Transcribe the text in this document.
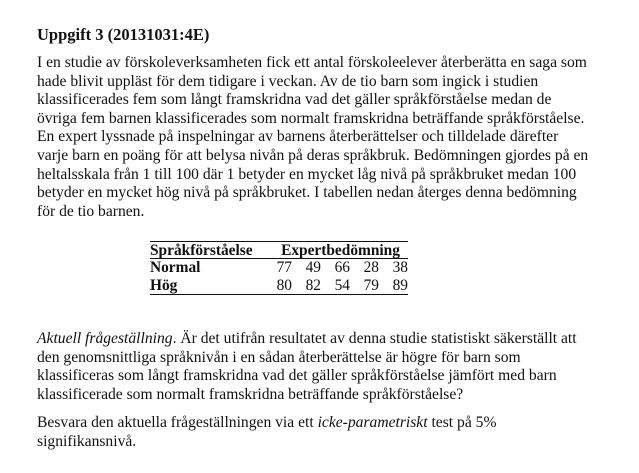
Uppgift 3 (20131031:4E)

I en studie av förskoleverksamheten fick ett antal förskoleelever återberätta en saga som
hade blivit uppläst för dem tidigare i veckan. Av de tio barn som ingick i studien
klassificerades fem som långt framskridna vad det gäller språkförståelse medan de
övriga fem barnen klassificerades som normalt framskridna beträffande språkförståelse.
En expert lyssnade på inspelningar av barnens återberättelser och tilldelade därefter
varje barn en poäng för att belysa nivån på deras språkbruk. Bedömningen gjordes på en
heltalsskala från 1 till 100 där 1 betyder en mycket låg nivå på språkbruket medan 100
betyder en mycket hög nivå på språkbruket. I tabellen nedan återges denna bedömning
för de tio barnen.

Språkförståelse	Expertbedömning				
Normal	77	49	66	28	38
Hög	80	82	54	79	89

Aktuell frågeställning. Är det utifrån resultatet av denna studie statistiskt säkerställt att
den genomsnittliga språknivån i en sådan återberättelse är högre för barn som
klassificeras som långt framskridna vad det gäller språkförståelse jämfört med barn
klassificerade som normalt framskridna beträffande språkförståelse?

Besvara den aktuella frågeställningen via ett icke-parametriskt test på 5%
signifikansnivå.
